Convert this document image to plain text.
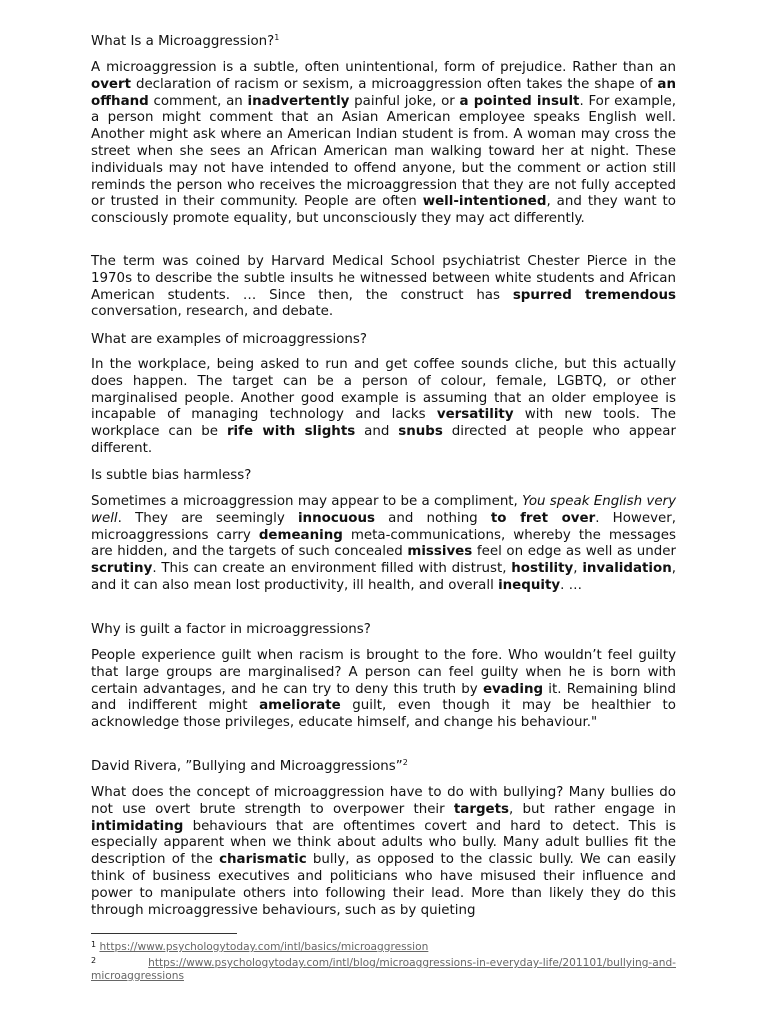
What Is a Microaggression?$^1$

A microaggression is a subtle, often unintentional, form of prejudice. Rather than an overt declaration of racism or sexism, a microaggression often takes the shape of an offhand comment, an inadvertently painful joke, or a pointed insult. For example, a person might comment that an Asian American employee speaks English well. Another might ask where an American Indian student is from. A woman may cross the street when she sees an African American man walking toward her at night. These individuals may not have intended to offend anyone, but the comment or action still reminds the person who receives the microaggression that they are not fully accepted or trusted in their community. People are often well-intentioned, and they want to consciously promote equality, but unconsciously they may act differently.

The term was coined by Harvard Medical School psychiatrist Chester Pierce in the 1970s to describe the subtle insults he witnessed between white students and African American students. … Since then, the construct has spurred tremendous conversation, research, and debate.

What are examples of microaggressions?

In the workplace, being asked to run and get coffee sounds cliche, but this actually does happen. The target can be a person of colour, female, LGBTQ, or other marginalised people. Another good example is assuming that an older employee is incapable of managing technology and lacks versatility with new tools. The workplace can be rife with slights and snubs directed at people who appear different.

Is subtle bias harmless?

Sometimes a microaggression may appear to be a compliment, You speak English very well. They are seemingly innocuous and nothing to fret over. However, microaggressions carry demeaning meta-communications, whereby the messages are hidden, and the targets of such concealed missives feel on edge as well as under scrutiny. This can create an environment filled with distrust, hostility, invalidation, and it can also mean lost productivity, ill health, and overall inequity. …

Why is guilt a factor in microaggressions?

People experience guilt when racism is brought to the fore. Who wouldn’t feel guilty that large groups are marginalised? A person can feel guilty when he is born with certain advantages, and he can try to deny this truth by evading it. Remaining blind and indifferent might ameliorate guilt, even though it may be healthier to acknowledge those privileges, educate himself, and change his behaviour."

David Rivera, ”Bullying and Microaggressions”$^2$

What does the concept of microaggression have to do with bullying? Many bullies do not use overt brute strength to overpower their targets, but rather engage in intimidating behaviours that are oftentimes covert and hard to detect. This is especially apparent when we think about adults who bully. Many adult bullies fit the description of the charismatic bully, as opposed to the classic bully. We can easily think of business executives and politicians who have misused their influence and power to manipulate others into following their lead. More than likely they do this through microaggressive behaviours, such as by quieting

$^1$ https://www.psychologytoday.com/intl/basics/microaggression

$^2$	https://www.psychologytoday.com/intl/blog/microaggressions-in-everyday-life/201101/bullying-and-microaggressions
